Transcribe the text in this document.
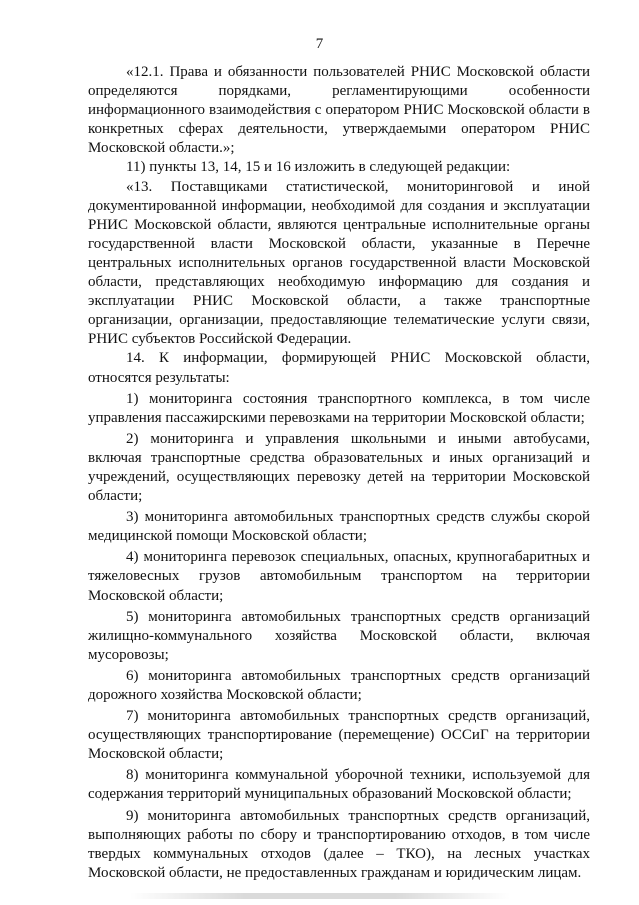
7

«12.1. Права и обязанности пользователей РНИС Московской области определяются порядками, регламентирующими особенности информационного взаимодействия с оператором РНИС Московской области в конкретных сферах деятельности, утверждаемыми оператором РНИС Московской области.»;

11) пункты 13, 14, 15 и 16 изложить в следующей редакции:

«13. Поставщиками статистической, мониторинговой и иной документированной информации, необходимой для создания и эксплуатации РНИС Московской области, являются центральные исполнительные органы государственной власти Московской области, указанные в Перечне центральных исполнительных органов государственной власти Московской области, представляющих необходимую информацию для создания и эксплуатации РНИС Московской области, а также транспортные организации, организации, предоставляющие телематические услуги связи, РНИС субъектов Российской Федерации.

14. К информации, формирующей РНИС Московской области, относятся результаты:

1) мониторинга состояния транспортного комплекса, в том числе управления пассажирскими перевозками на территории Московской области;

2) мониторинга и управления школьными и иными автобусами, включая транспортные средства образовательных и иных организаций и учреждений, осуществляющих перевозку детей на территории Московской области;

3) мониторинга автомобильных транспортных средств службы скорой медицинской помощи Московской области;

4) мониторинга перевозок специальных, опасных, крупногабаритных и тяжеловесных грузов автомобильным транспортом на территории Московской области;

5) мониторинга автомобильных транспортных средств организаций жилищно-коммунального хозяйства Московской области, включая мусоровозы;

6) мониторинга автомобильных транспортных средств организаций дорожного хозяйства Московской области;

7) мониторинга автомобильных транспортных средств организаций, осуществляющих транспортирование (перемещение) ОССиГ на территории Московской области;

8) мониторинга коммунальной уборочной техники, используемой для содержания территорий муниципальных образований Московской области;

9) мониторинга автомобильных транспортных средств организаций, выполняющих работы по сбору и транспортированию отходов, в том числе твердых коммунальных отходов (далее – ТКО), на лесных участках Московской области, не предоставленных гражданам и юридическим лицам.
